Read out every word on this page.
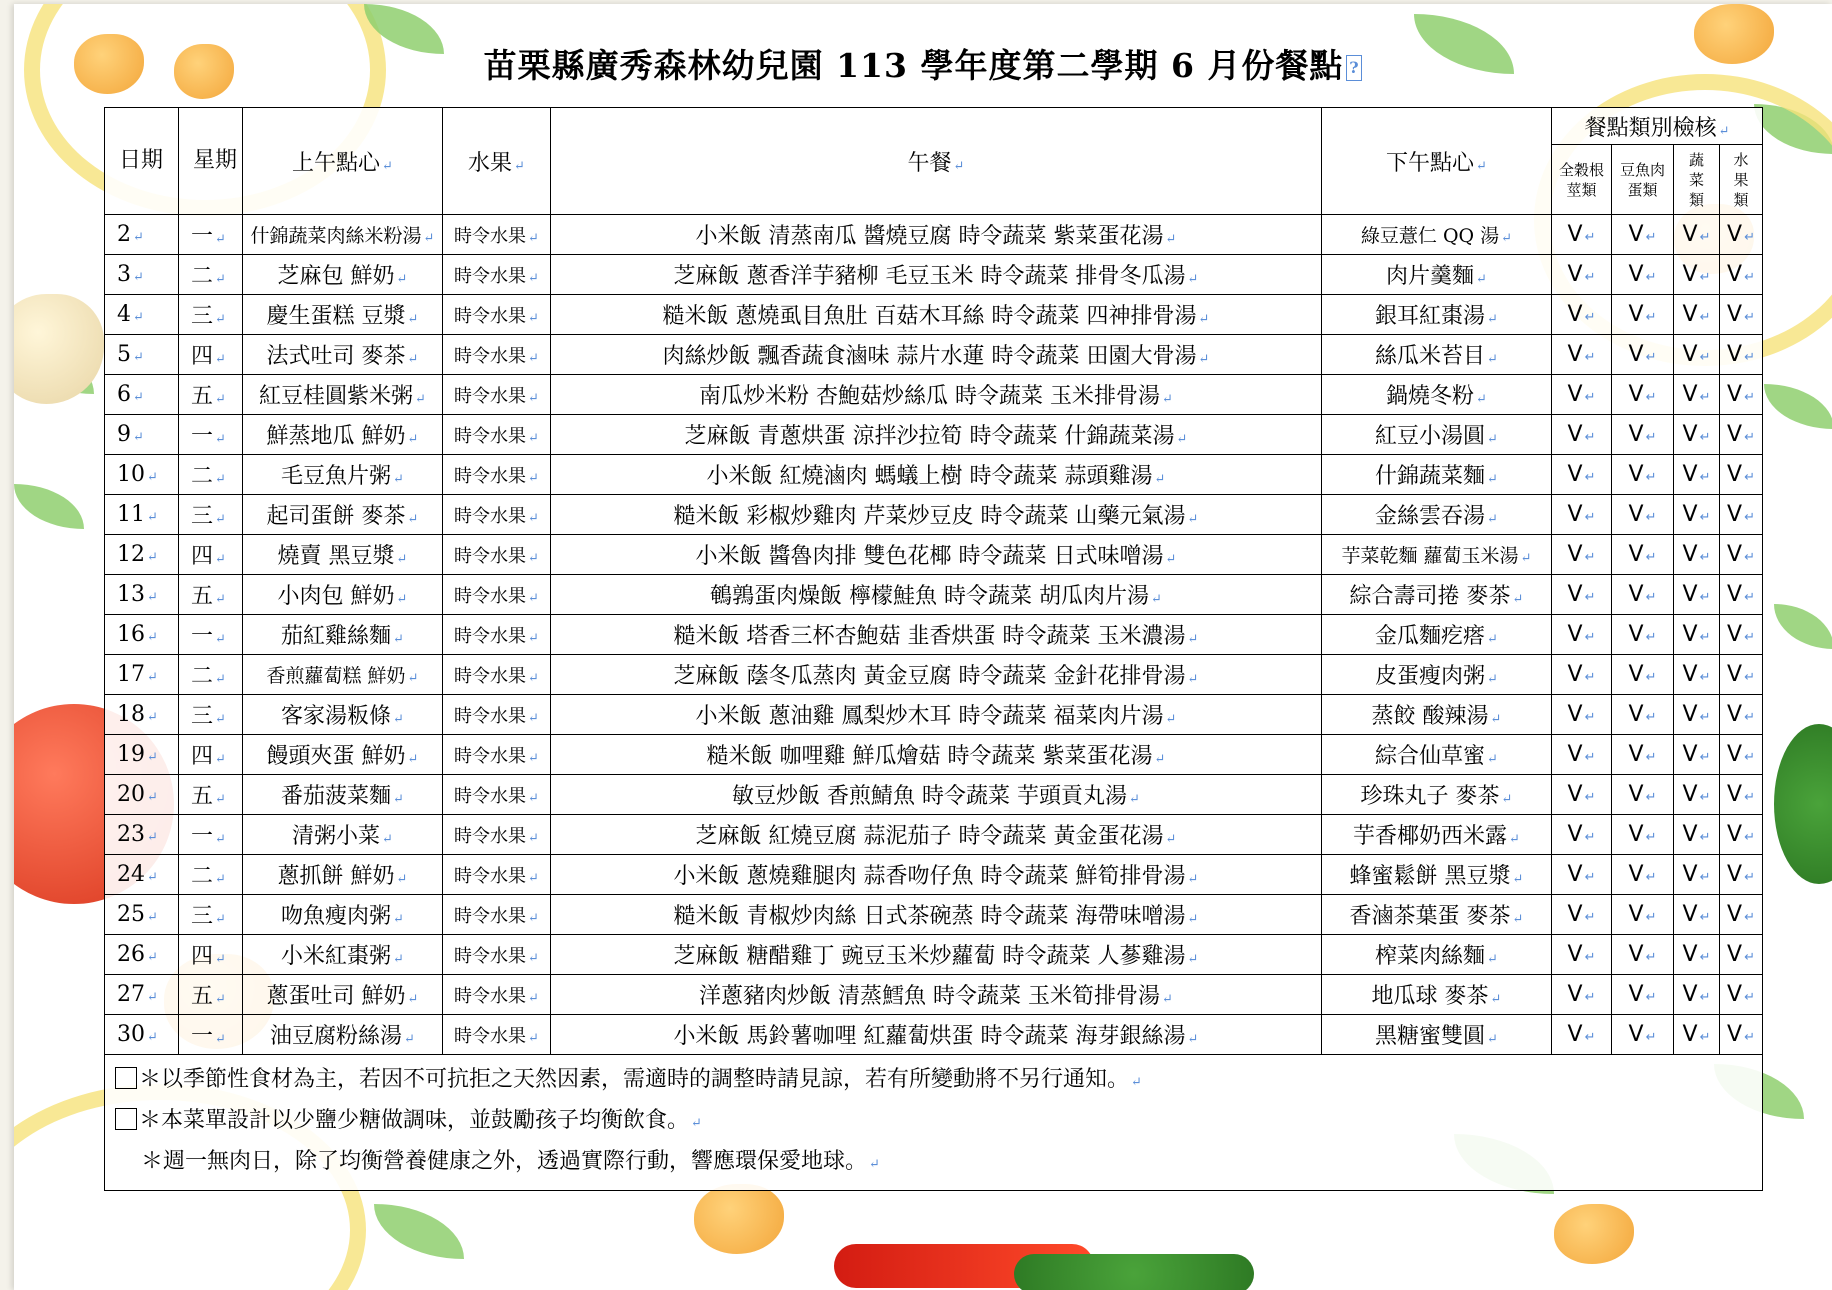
苗栗縣廣秀森林幼兒園 113 學年度第二學期 6 月份餐點 ?
日期	星期	上午點心 ↵	水果 ↵	午餐 ↵	下午點心 ↵	餐點類別檢核 ↵			
						全穀根莖類	豆魚肉蛋類	蔬菜類	水果類
2 ↵	一 ↵	什錦蔬菜肉絲米粉湯 ↵	時令水果 ↵	小米飯 清蒸南瓜 醬燒豆腐 時令蔬菜 紫菜蛋花湯 ↵	綠豆薏仁 QQ 湯 ↵	V ↵	V ↵	V ↵	V ↵
3 ↵	二 ↵	芝麻包 鮮奶 ↵	時令水果 ↵	芝麻飯 蔥香洋芋豬柳 毛豆玉米 時令蔬菜 排骨冬瓜湯 ↵	肉片羹麵 ↵	V ↵	V ↵	V ↵	V ↵
4 ↵	三 ↵	慶生蛋糕 豆漿 ↵	時令水果 ↵	糙米飯 蔥燒虱目魚肚 百菇木耳絲 時令蔬菜 四神排骨湯 ↵	銀耳紅棗湯 ↵	V ↵	V ↵	V ↵	V ↵
5 ↵	四 ↵	法式吐司 麥茶 ↵	時令水果 ↵	肉絲炒飯 飄香蔬食滷味 蒜片水蓮 時令蔬菜 田園大骨湯 ↵	絲瓜米苔目 ↵	V ↵	V ↵	V ↵	V ↵
6 ↵	五 ↵	紅豆桂圓紫米粥 ↵	時令水果 ↵	南瓜炒米粉 杏鮑菇炒絲瓜 時令蔬菜 玉米排骨湯 ↵	鍋燒冬粉 ↵	V ↵	V ↵	V ↵	V ↵
9 ↵	一 ↵	鮮蒸地瓜 鮮奶 ↵	時令水果 ↵	芝麻飯 青蔥烘蛋 涼拌沙拉筍 時令蔬菜 什錦蔬菜湯 ↵	紅豆小湯圓 ↵	V ↵	V ↵	V ↵	V ↵
10 ↵	二 ↵	毛豆魚片粥 ↵	時令水果 ↵	小米飯 紅燒滷肉 螞蟻上樹 時令蔬菜 蒜頭雞湯 ↵	什錦蔬菜麵 ↵	V ↵	V ↵	V ↵	V ↵
11 ↵	三 ↵	起司蛋餅 麥茶 ↵	時令水果 ↵	糙米飯 彩椒炒雞肉 芹菜炒豆皮 時令蔬菜 山藥元氣湯 ↵	金絲雲吞湯 ↵	V ↵	V ↵	V ↵	V ↵
12 ↵	四 ↵	燒賣 黑豆漿 ↵	時令水果 ↵	小米飯 醬魯肉排 雙色花椰 時令蔬菜 日式味噌湯 ↵	芋菜乾麵 蘿蔔玉米湯 ↵	V ↵	V ↵	V ↵	V ↵
13 ↵	五 ↵	小肉包 鮮奶 ↵	時令水果 ↵	鵪鶉蛋肉燥飯 檸檬鮭魚 時令蔬菜 胡瓜肉片湯 ↵	綜合壽司捲 麥茶 ↵	V ↵	V ↵	V ↵	V ↵
16 ↵	一 ↵	茄紅雞絲麵 ↵	時令水果 ↵	糙米飯 塔香三杯杏鮑菇 韭香烘蛋 時令蔬菜 玉米濃湯 ↵	金瓜麵疙瘩 ↵	V ↵	V ↵	V ↵	V ↵
17 ↵	二 ↵	香煎蘿蔔糕 鮮奶 ↵	時令水果 ↵	芝麻飯 蔭冬瓜蒸肉 黃金豆腐 時令蔬菜 金針花排骨湯 ↵	皮蛋瘦肉粥 ↵	V ↵	V ↵	V ↵	V ↵
18 ↵	三 ↵	客家湯粄條 ↵	時令水果 ↵	小米飯 蔥油雞 鳳梨炒木耳 時令蔬菜 福菜肉片湯 ↵	蒸餃 酸辣湯 ↵	V ↵	V ↵	V ↵	V ↵
19 ↵	四 ↵	饅頭夾蛋 鮮奶 ↵	時令水果 ↵	糙米飯 咖哩雞 鮮瓜燴菇 時令蔬菜 紫菜蛋花湯 ↵	綜合仙草蜜 ↵	V ↵	V ↵	V ↵	V ↵
20 ↵	五 ↵	番茄菠菜麵 ↵	時令水果 ↵	敏豆炒飯 香煎鯖魚 時令蔬菜 芋頭貢丸湯 ↵	珍珠丸子 麥茶 ↵	V ↵	V ↵	V ↵	V ↵
23 ↵	一 ↵	清粥小菜 ↵	時令水果 ↵	芝麻飯 紅燒豆腐 蒜泥茄子 時令蔬菜 黃金蛋花湯 ↵	芋香椰奶西米露 ↵	V ↵	V ↵	V ↵	V ↵
24 ↵	二 ↵	蔥抓餅 鮮奶 ↵	時令水果 ↵	小米飯 蔥燒雞腿肉 蒜香吻仔魚 時令蔬菜 鮮筍排骨湯 ↵	蜂蜜鬆餅 黑豆漿 ↵	V ↵	V ↵	V ↵	V ↵
25 ↵	三 ↵	吻魚瘦肉粥 ↵	時令水果 ↵	糙米飯 青椒炒肉絲 日式茶碗蒸 時令蔬菜 海帶味噌湯 ↵	香滷茶葉蛋 麥茶 ↵	V ↵	V ↵	V ↵	V ↵
26 ↵	四 ↵	小米紅棗粥 ↵	時令水果 ↵	芝麻飯 糖醋雞丁 豌豆玉米炒蘿蔔 時令蔬菜 人蔘雞湯 ↵	榨菜肉絲麵 ↵	V ↵	V ↵	V ↵	V ↵
27 ↵	五 ↵	蔥蛋吐司 鮮奶 ↵	時令水果 ↵	洋蔥豬肉炒飯 清蒸鱈魚 時令蔬菜 玉米筍排骨湯 ↵	地瓜球 麥茶 ↵	V ↵	V ↵	V ↵	V ↵
30 ↵	一 ↵	油豆腐粉絲湯 ↵	時令水果 ↵	小米飯 馬鈴薯咖哩 紅蘿蔔烘蛋 時令蔬菜 海芽銀絲湯 ↵	黑糖蜜雙圓 ↵	V ↵	V ↵	V ↵	V ↵

＊以季節性食材為主，若因不可抗拒之天然因素，需適時的調整時請見諒，若有所變動將不另行通知。 ↵
＊本菜單設計以少鹽少糖做調味，並鼓勵孩子均衡飲食。 ↵
＊週一無肉日，除了均衡營養健康之外，透過實際行動，響應環保愛地球。 ↵									
